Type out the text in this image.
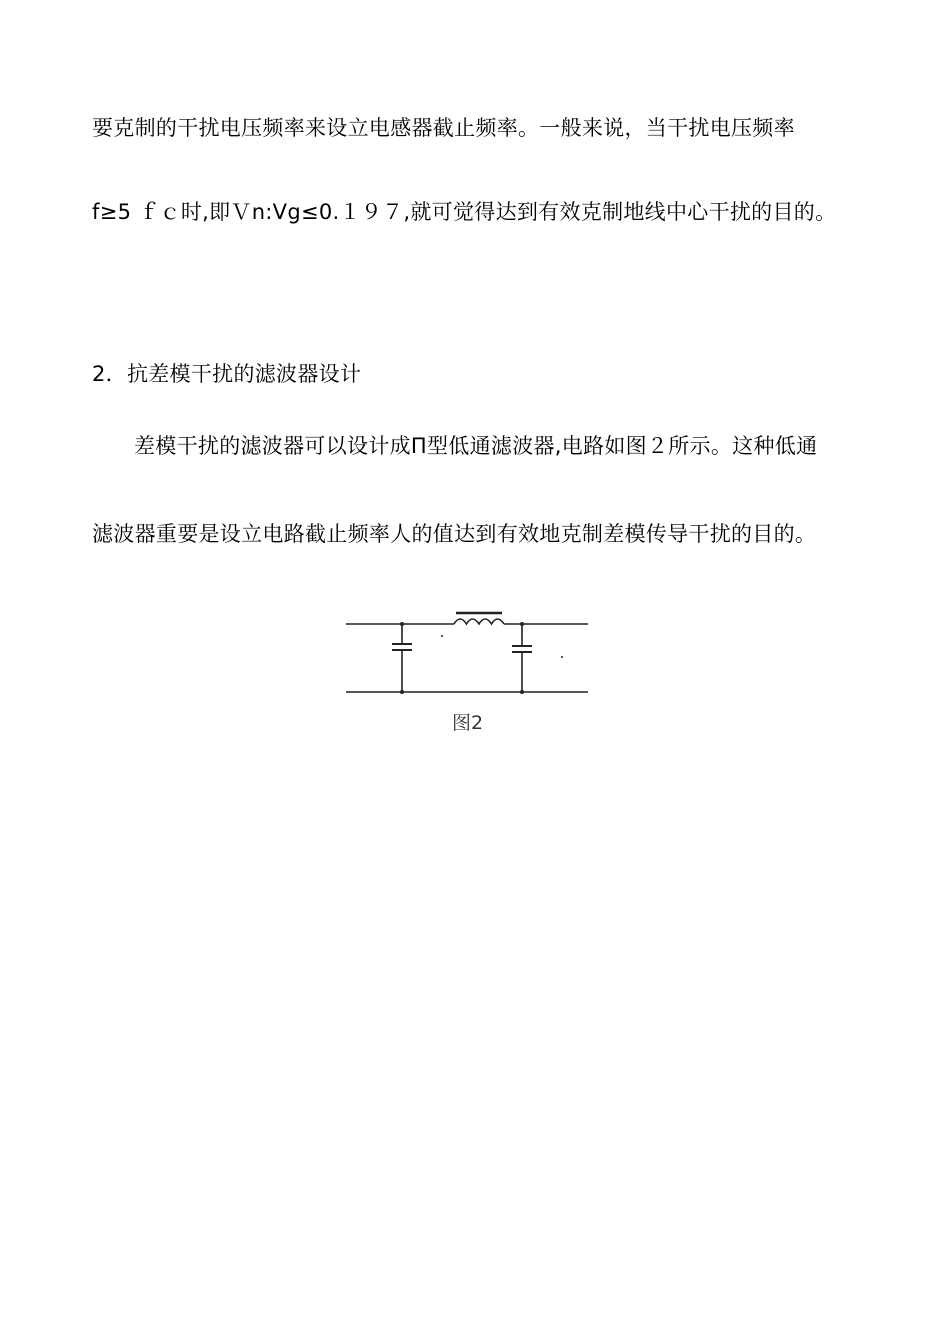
要克制的干扰电压频率来设立电感器截止频率。一般来说，当干扰电压频率
f≥5 ｆｃ时,即Ｖn:Vg≤0.１９７,就可觉得达到有效克制地线中心干扰的目的。
2．抗差模干扰的滤波器设计
差模干扰的滤波器可以设计成Π型低通滤波器,电路如图２所示。这种低通
滤波器重要是设立电路截止频率人的值达到有效地克制差模传导干扰的目的。
图2
